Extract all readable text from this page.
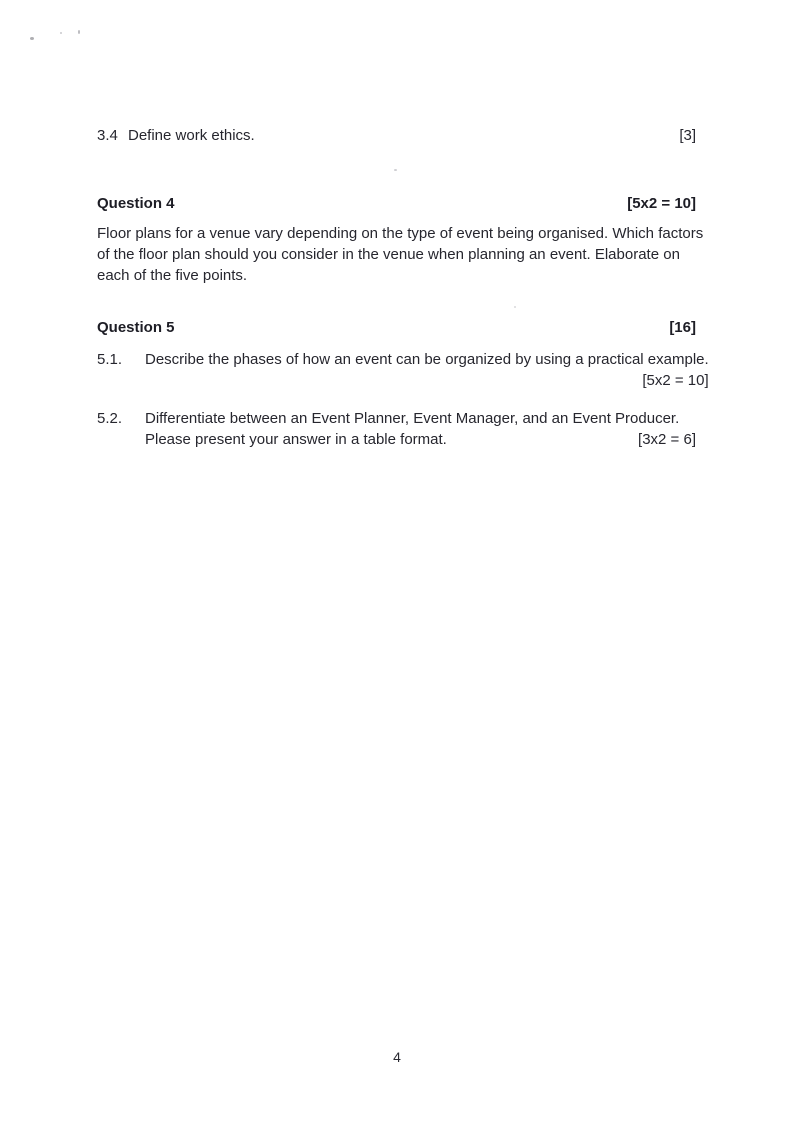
3.4 Define work ethics.	[3]
Question 4	[5x2 = 10]
Floor plans for a venue vary depending on the type of event being organised. Which factors
of the floor plan should you consider in the venue when planning an event. Elaborate on
each of the five points.
Question 5	[16]
5.1.	Describe the phases of how an event can be organized by using a practical example.
[5x2 = 10]
5.2.	Differentiate between an Event Planner, Event Manager, and an Event Producer.
Please present your answer in a table format.	[3x2 = 6]
4
